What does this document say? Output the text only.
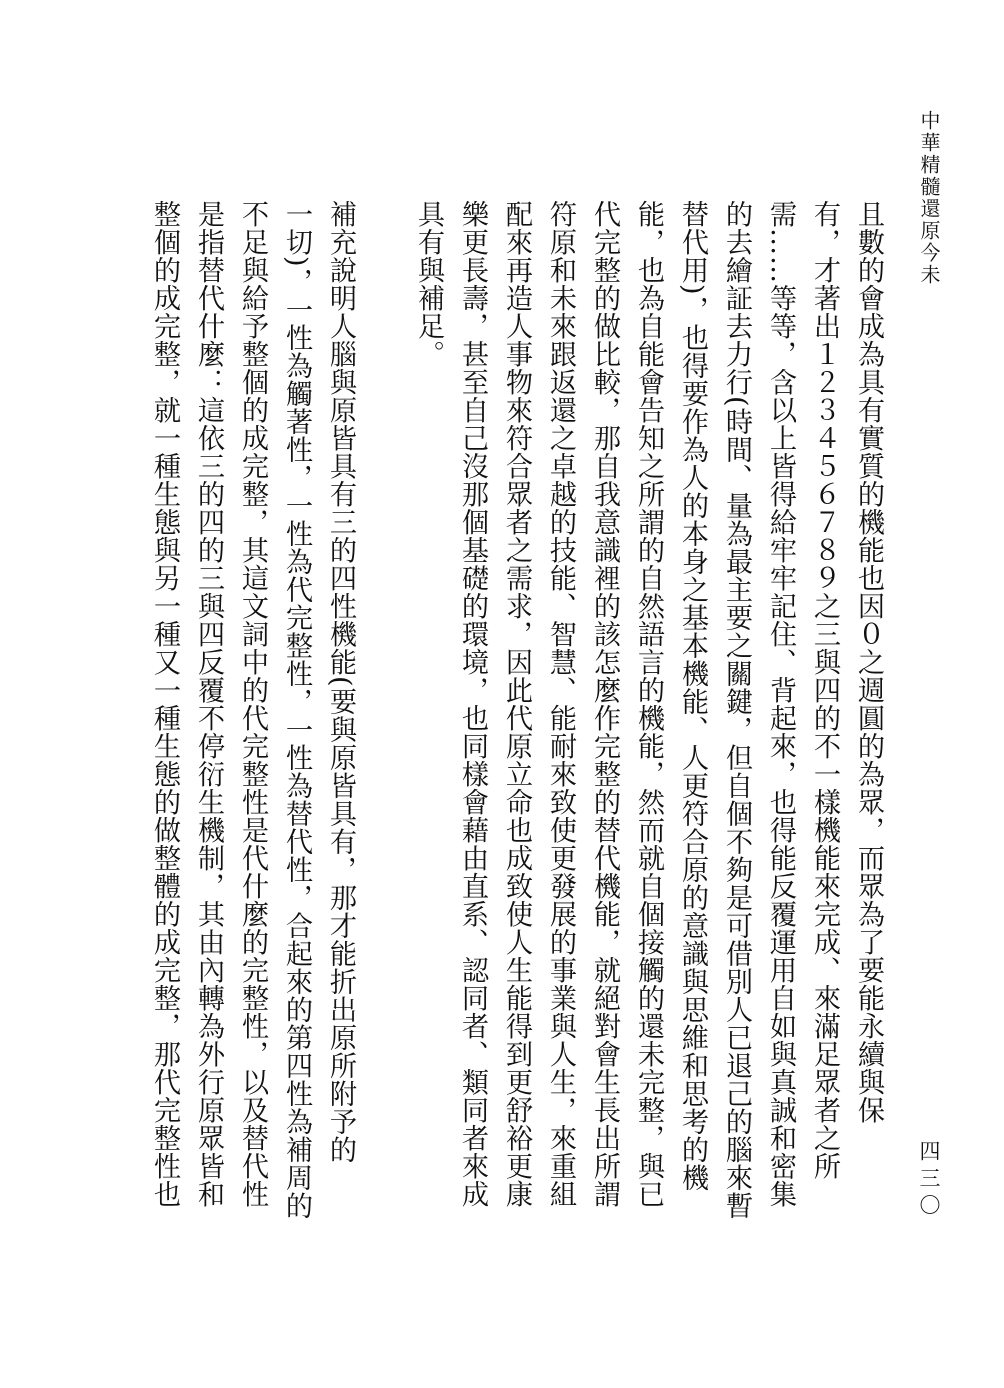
中華精髓還原今未
四三〇
且數的會成為具有實質的機能也因０之週圓的為眾，而眾為了要能永續與保
有，才著出１２３４５６７８９之三與四的不一樣機能來完成、來滿足眾者之所
需……等等，含以上皆得給牢牢記住、背起來，也得能反覆運用自如與真誠和密集
的去繪証去力行(時間、量為最主要之關鍵，但自個不夠是可借別人已退己的腦來暫
替代用)，也得要作為人的本身之基本機能、人更符合原的意識與思維和思考的機
能，也為自能會告知之所謂的自然語言的機能，然而就自個接觸的還未完整，與已
代完整的做比較，那自我意識裡的該怎麼作完整的替代機能，就絕對會生長出所謂
符原和未來跟返還之卓越的技能、智慧、能耐來致使更發展的事業與人生，來重組
配來再造人事物來符合眾者之需求，因此代原立命也成致使人生能得到更舒裕更康
樂更長壽，甚至自己沒那個基礎的環境，也同樣會藉由直系、認同者、類同者來成
具有與補足。
補充說明人腦與原皆具有三的四性機能(要與原皆具有，那才能折出原所附予的
一切)，一性為觸著性，一性為代完整性，一性為替代性，合起來的第四性為補周的
不足與給予整個的成完整，其這文詞中的代完整性是代什麼的完整性，以及替代性
是指替代什麼：這依三的四的三與四反覆不停衍生機制，其由內轉為外行原眾皆和
整個的成完整，就一種生態與另一種又一種生態的做整體的成完整，那代完整性也
